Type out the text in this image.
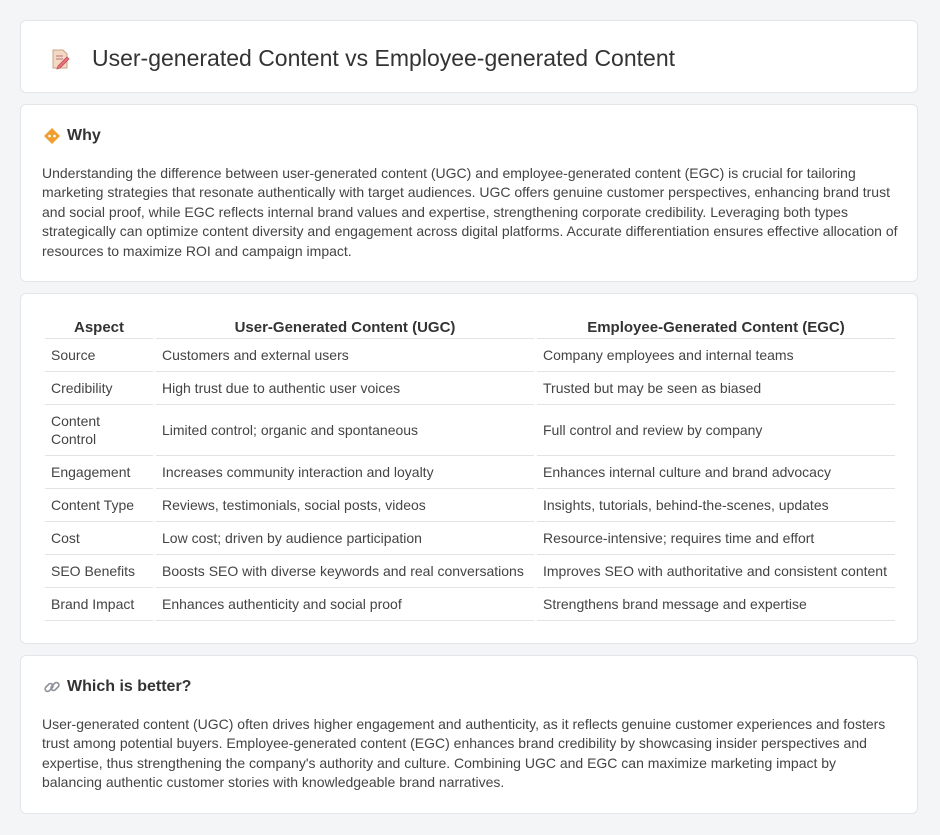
User-generated Content vs Employee-generated Content
Why

Understanding the difference between user-generated content (UGC) and employee-generated content (EGC) is crucial for tailoring marketing strategies that resonate authentically with target audiences. UGC offers genuine customer perspectives, enhancing brand trust and social proof, while EGC reflects internal brand values and expertise, strengthening corporate credibility. Leveraging both types strategically can optimize content diversity and engagement across digital platforms. Accurate differentiation ensures effective allocation of resources to maximize ROI and campaign impact.

Aspect	User-Generated Content (UGC)	Employee-Generated Content (EGC)
Source	Customers and external users	Company employees and internal teams
Credibility	High trust due to authentic user voices	Trusted but may be seen as biased
Content Control	Limited control; organic and spontaneous	Full control and review by company
Engagement	Increases community interaction and loyalty	Enhances internal culture and brand advocacy
Content Type	Reviews, testimonials, social posts, videos	Insights, tutorials, behind-the-scenes, updates
Cost	Low cost; driven by audience participation	Resource-intensive; requires time and effort
SEO Benefits	Boosts SEO with diverse keywords and real conversations	Improves SEO with authoritative and consistent content
Brand Impact	Enhances authenticity and social proof	Strengthens brand message and expertise
Which is better?

User-generated content (UGC) often drives higher engagement and authenticity, as it reflects genuine customer experiences and fosters trust among potential buyers. Employee-generated content (EGC) enhances brand credibility by showcasing insider perspectives and expertise, thus strengthening the company's authority and culture. Combining UGC and EGC can maximize marketing impact by balancing authentic customer stories with knowledgeable brand narratives.
